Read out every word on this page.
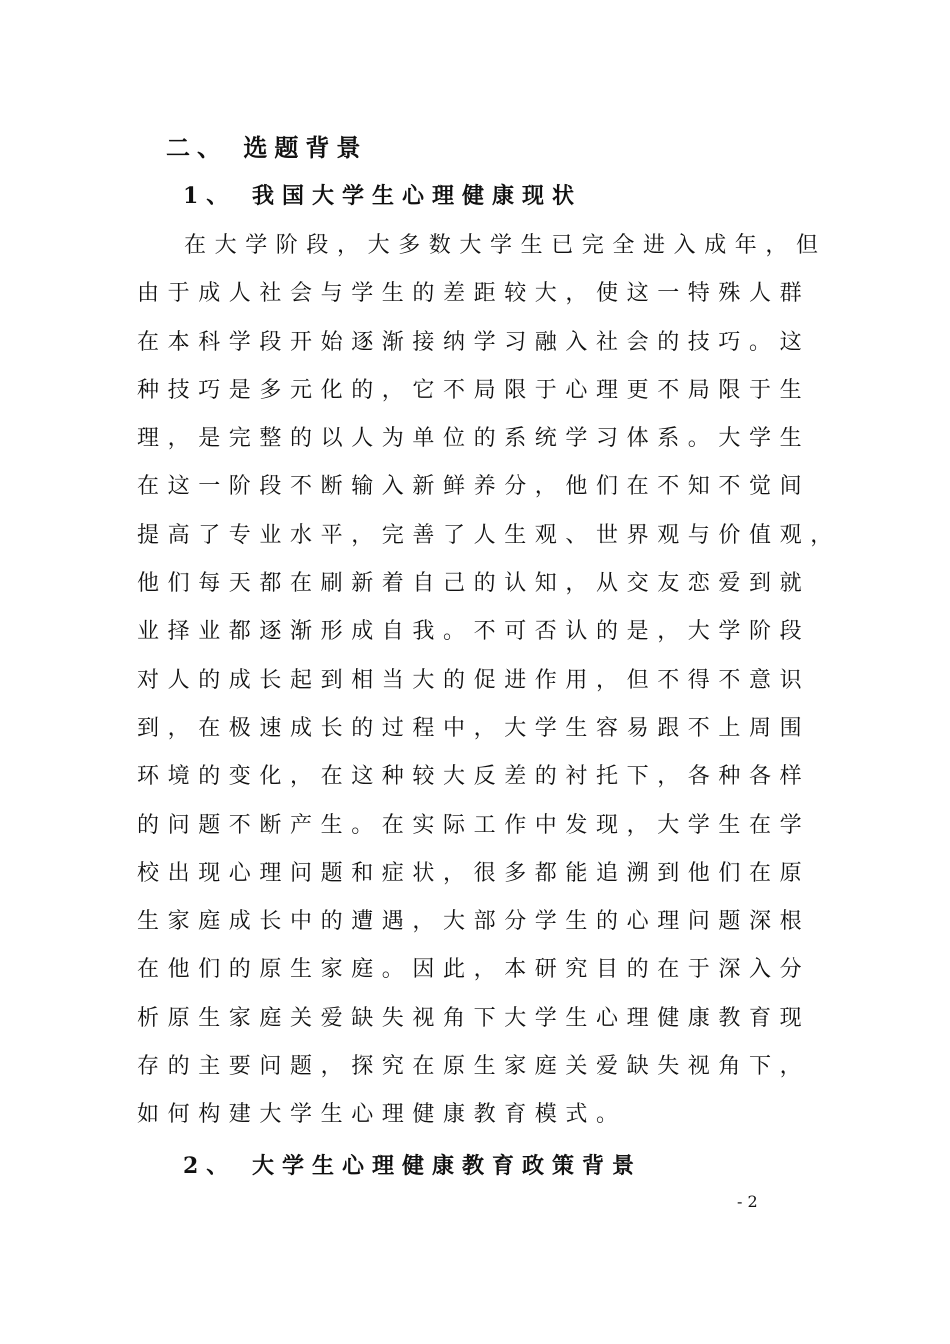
二、 选题背景
1、 我国大学生心理健康现状
在大学阶段，大多数大学生已完全进入成年，但
由于成人社会与学生的差距较大，使这一特殊人群
在本科学段开始逐渐接纳学习融入社会的技巧。这
种技巧是多元化的，它不局限于心理更不局限于生
理，是完整的以人为单位的系统学习体系。大学生
在这一阶段不断输入新鲜养分，他们在不知不觉间
提高了专业水平，完善了人生观、世界观与价值观，
他们每天都在刷新着自己的认知，从交友恋爱到就
业择业都逐渐形成自我。不可否认的是，大学阶段
对人的成长起到相当大的促进作用，但不得不意识
到，在极速成长的过程中，大学生容易跟不上周围
环境的变化，在这种较大反差的衬托下，各种各样
的问题不断产生。在实际工作中发现，大学生在学
校出现心理问题和症状，很多都能追溯到他们在原
生家庭成长中的遭遇，大部分学生的心理问题深根
在他们的原生家庭。因此，本研究目的在于深入分
析原生家庭关爱缺失视角下大学生心理健康教育现
存的主要问题，探究在原生家庭关爱缺失视角下，
如何构建大学生心理健康教育模式。
2、 大学生心理健康教育政策背景
- 2
